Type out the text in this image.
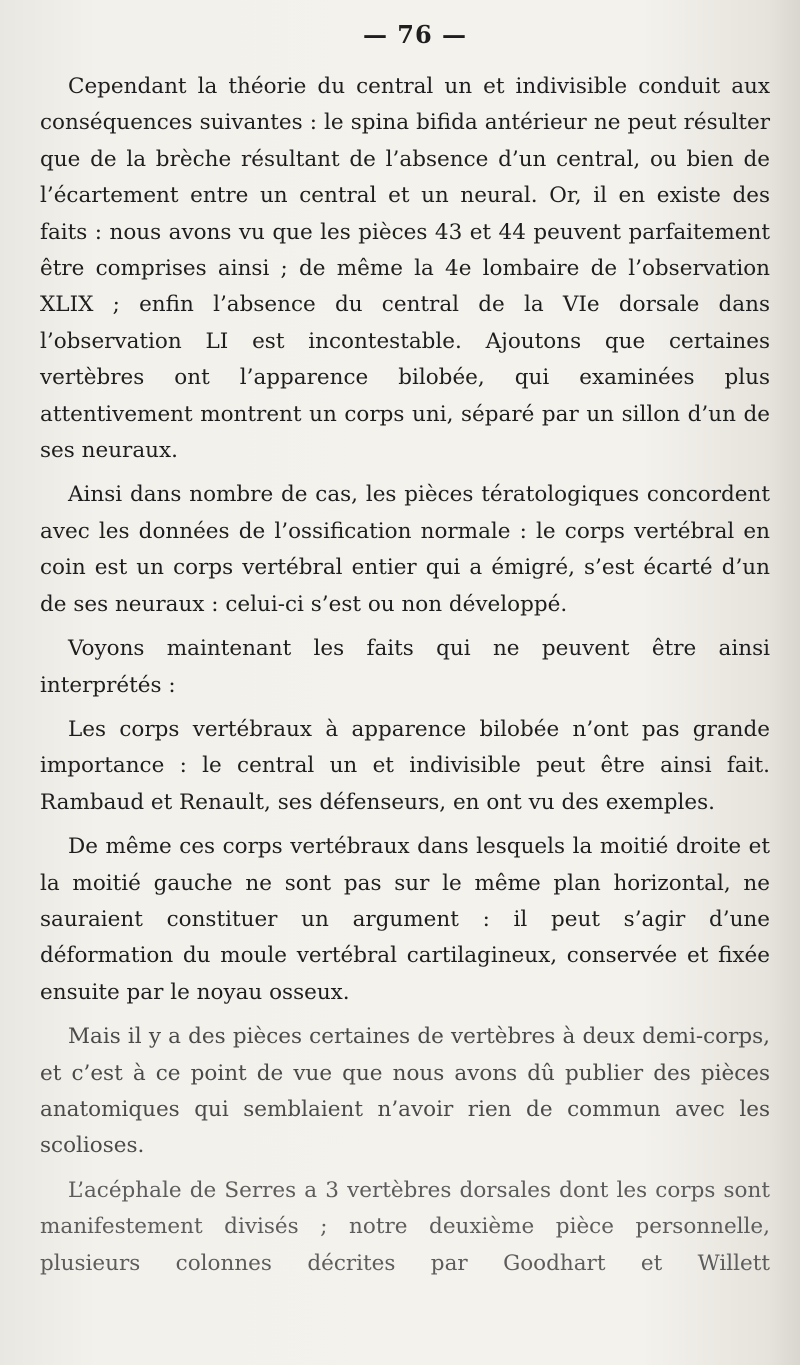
— 76 —

Cependant la théorie du central un et indivisible conduit aux conséquences suivantes : le spina bifida antérieur ne peut résulter que de la brèche résultant de l’absence d’un central, ou bien de l’écartement entre un central et un neural. Or, il en existe des faits : nous avons vu que les pièces 43 et 44 peuvent parfaitement être comprises ainsi ; de même la 4e lombaire de l’observation XLIX ; enfin l’absence du central de la VIe dorsale dans l’observation LI est incontestable. Ajoutons que certaines vertèbres ont l’apparence bilobée, qui examinées plus attentivement montrent un corps uni, séparé par un sillon d’un de ses neuraux.

Ainsi dans nombre de cas, les pièces tératologiques concordent avec les données de l’ossification normale : le corps vertébral en coin est un corps vertébral entier qui a émigré, s’est écarté d’un de ses neuraux : celui-ci s’est ou non développé.

Voyons maintenant les faits qui ne peuvent être ainsi interprétés :

Les corps vertébraux à apparence bilobée n’ont pas grande importance : le central un et indivisible peut être ainsi fait. Rambaud et Renault, ses défenseurs, en ont vu des exemples.

De même ces corps vertébraux dans lesquels la moitié droite et la moitié gauche ne sont pas sur le même plan horizontal, ne sauraient constituer un argument : il peut s’agir d’une déformation du moule vertébral cartilagineux, conservée et fixée ensuite par le noyau osseux.

Mais il y a des pièces certaines de vertèbres à deux demi-corps, et c’est à ce point de vue que nous avons dû publier des pièces anatomiques qui semblaient n’avoir rien de commun avec les scolioses.

L’acéphale de Serres a 3 vertèbres dorsales dont les corps sont manifestement divisés ; notre deuxième pièce personnelle, plusieurs colonnes décrites par Goodhart et Willett
